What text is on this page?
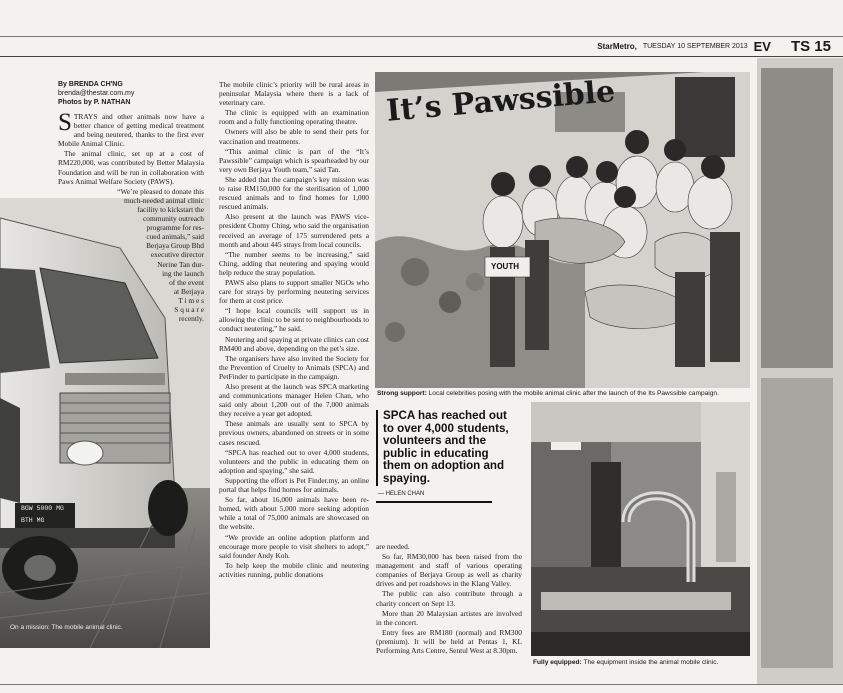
StarMetro, TUESDAY 10 SEPTEMBER 2013 EV TS 15
BGW 5000 MG
BTH MG
On a mission: The mobile animal clinic.
By BRENDA CH'NG
brenda@thestar.com.my
Photos by P. NATHAN

STRAYS and other animals now have a better chance of getting medical treatment and being neutered, thanks to the first ever Mobile Animal Clinic.

The animal clinic, set up at a cost of RM220,000, was contributed by Better Malaysia Foundation and will be run in collaboration with Paws Animal Welfare Society (PAWS).

“We’re pleased to donate this
much-needed animal clinic
facility to kickstart the
community outreach
programme for res-
cued animals,” said
Berjaya Group Bhd
executive director
Nerine Tan dur-
ing the launch
of the event
at Berjaya
T i m e s
S q u a r e
recently.

The mobile clinic’s priority will be rural areas in peninsular Malaysia where there is a lack of veterinary care.

The clinic is equipped with an examination room and a fully functioning operating theatre.

Owners will also be able to send their pets for vaccination and treatments.

“This animal clinic is part of the “It’s Pawssible” campaign which is spearheaded by our very own Berjaya Youth team,” said Tan.

She added that the campaign’s key mission was to raise RM150,000 for the sterilisation of 1,000 rescued animals and to find homes for 1,000 rescued animals.

Also present at the launch was PAWS vice-president Chomy Ching, who said the organisation received an average of 175 surrendered pets a month and about 445 strays from local councils.

“The number seems to be increasing,” said Ching, adding that neutering and spaying would help reduce the stray population.

PAWS also plans to support smaller NGOs who care for strays by performing neutering services for them at cost price.

“I hope local councils will support us in allowing the clinic to be sent to neighbourhoods to conduct neutering,” he said.

Neutering and spaying at private clinics can cost RM400 and above, depending on the pet’s size.

The organisers have also invited the Society for the Prevention of Cruelty to Animals (SPCA) and PetFinder to participate in the campaign.

Also present at the launch was SPCA marketing and communications manager Helen Chan, who said only about 1,200 out of the 7,000 animals they receive a year get adopted.

These animals are usually sent to SPCA by previous owners, abandoned on streets or in some cases rescued.

“SPCA has reached out to over 4,000 students, volunteers and the public in educating them on adoption and spaying,” she said.

Supporting the effort is Pet Finder.my, an online portal that helps find homes for animals.

So far, about 16,000 animals have been re-homed, with about 5,000 more seeking adoption while a total of 75,000 animals are showcased on the website.

“We provide an online adoption platform and encourage more people to visit shelters to adopt,” said founder Andy Koh.

To help keep the mobile clinic and neutering activities running, public donations

It’s Pawssible
YOUTH
Strong support: Local celebrities posing with the mobile animal clinic after the launch of the Its Pawssible campaign.
SPCA has reached out to over 4,000 students, volunteers and the public in educating them on adoption and spaying.
— HELEN CHAN

are needed.

So far, RM30,000 has been raised from the management and staff of various operating companies of Berjaya Group as well as charity drives and pet roadshows in the Klang Valley.

The public can also contribute through a charity concert on Sept 13.

More than 20 Malaysian artistes are involved in the concert.

Entry fees are RM180 (normal) and RM300 (premium). It will be held at Pentas 1, KL Performing Arts Centre, Sentul West at 8.30pm.

Fully equipped: The equipment inside the animal mobile clinic.
